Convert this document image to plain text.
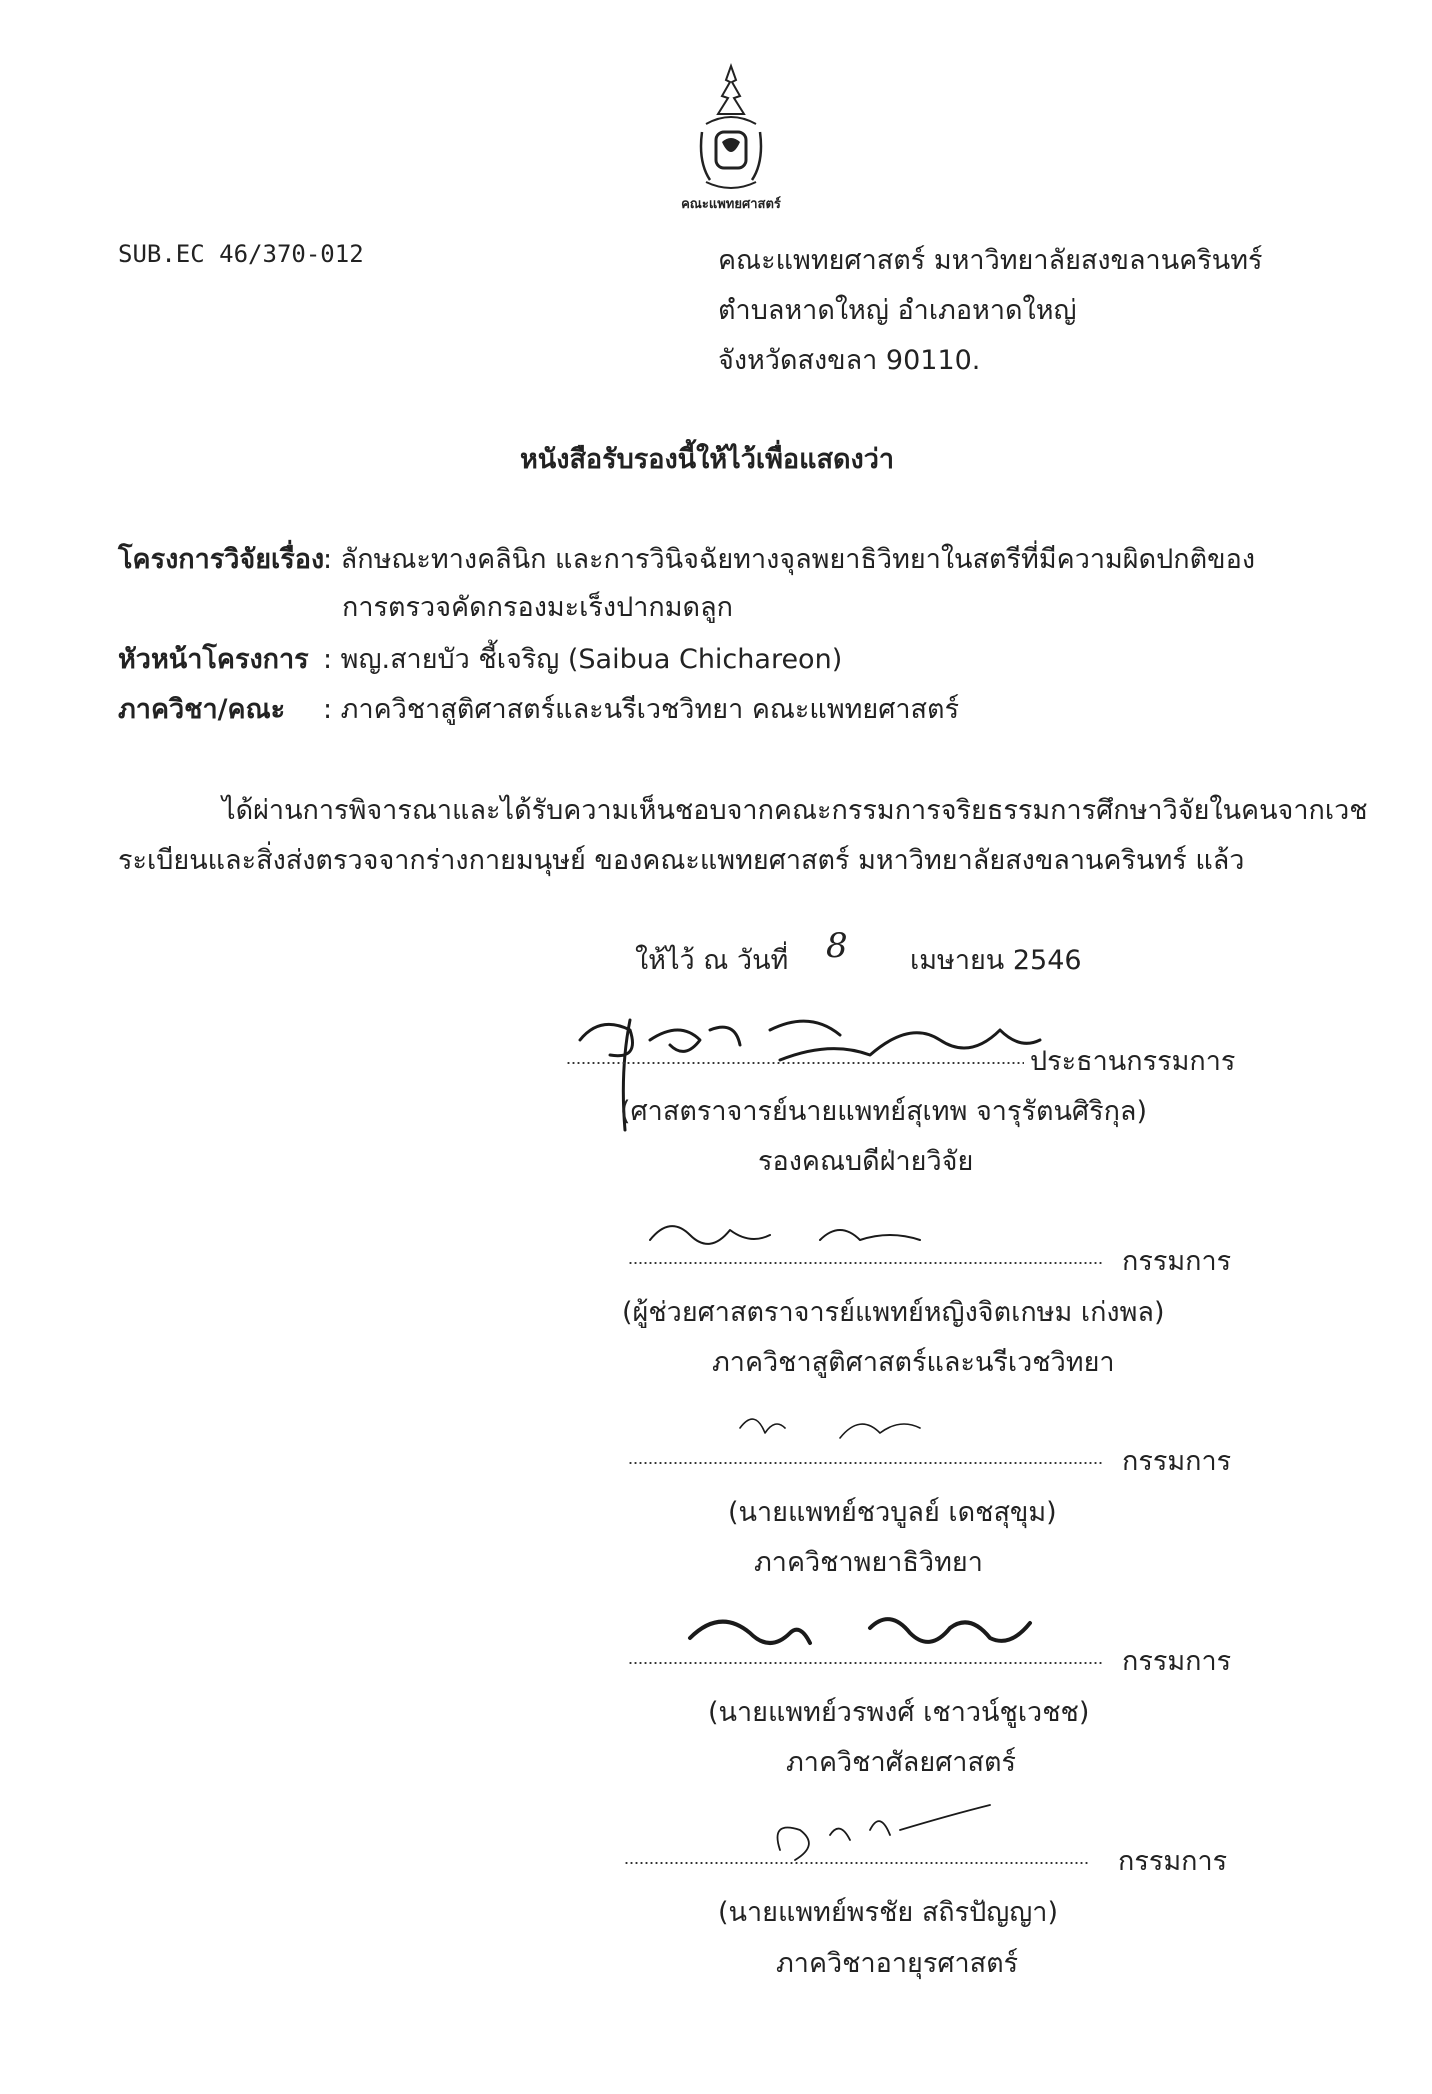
คณะแพทยศาสตร์
SUB.EC 46/370-012	คณะแพทยศาสตร์ มหาวิทยาลัยสงขลานครินทร์
ตำบลหาดใหญ่ อำเภอหาดใหญ่
จังหวัดสงขลา 90110.
หนังสือรับรองนี้ให้ไว้เพื่อแสดงว่า
โครงการวิจัยเรื่อง
: ลักษณะทางคลินิก และการวินิจฉัยทางจุลพยาธิวิทยาในสตรีที่มีความผิดปกติของ
การตรวจคัดกรองมะเร็งปากมดลูก
หัวหน้าโครงการ : พญ.สายบัว ชี้เจริญ (Saibua Chichareon)
ภาควิชา/คณะ : ภาควิชาสูติศาสตร์และนรีเวชวิทยา คณะแพทยศาสตร์
ได้ผ่านการพิจารณาและได้รับความเห็นชอบจากคณะกรรมการจริยธรรมการศึกษาวิจัยในคนจากเวช
ระเบียนและสิ่งส่งตรวจจากร่างกายมนุษย์ ของคณะแพทยศาสตร์ มหาวิทยาลัยสงขลานครินทร์ แล้ว
ให้ไว้ ณ วันที่ 8 เมษายน 2546
ประธานกรรมการ
(ศาสตราจารย์นายแพทย์สุเทพ จารุรัตนศิริกุล)
รองคณบดีฝ่ายวิจัย
กรรมการ
(ผู้ช่วยศาสตราจารย์แพทย์หญิงจิตเกษม เก่งพล)
ภาควิชาสูติศาสตร์และนรีเวชวิทยา
กรรมการ
(นายแพทย์ชวบูลย์ เดชสุขุม)
ภาควิชาพยาธิวิทยา
กรรมการ
(นายแพทย์วรพงศ์ เชาวน์ชูเวชช)
ภาควิชาศัลยศาสตร์
กรรมการ
(นายแพทย์พรชัย สถิรปัญญา)
ภาควิชาอายุรศาสตร์
